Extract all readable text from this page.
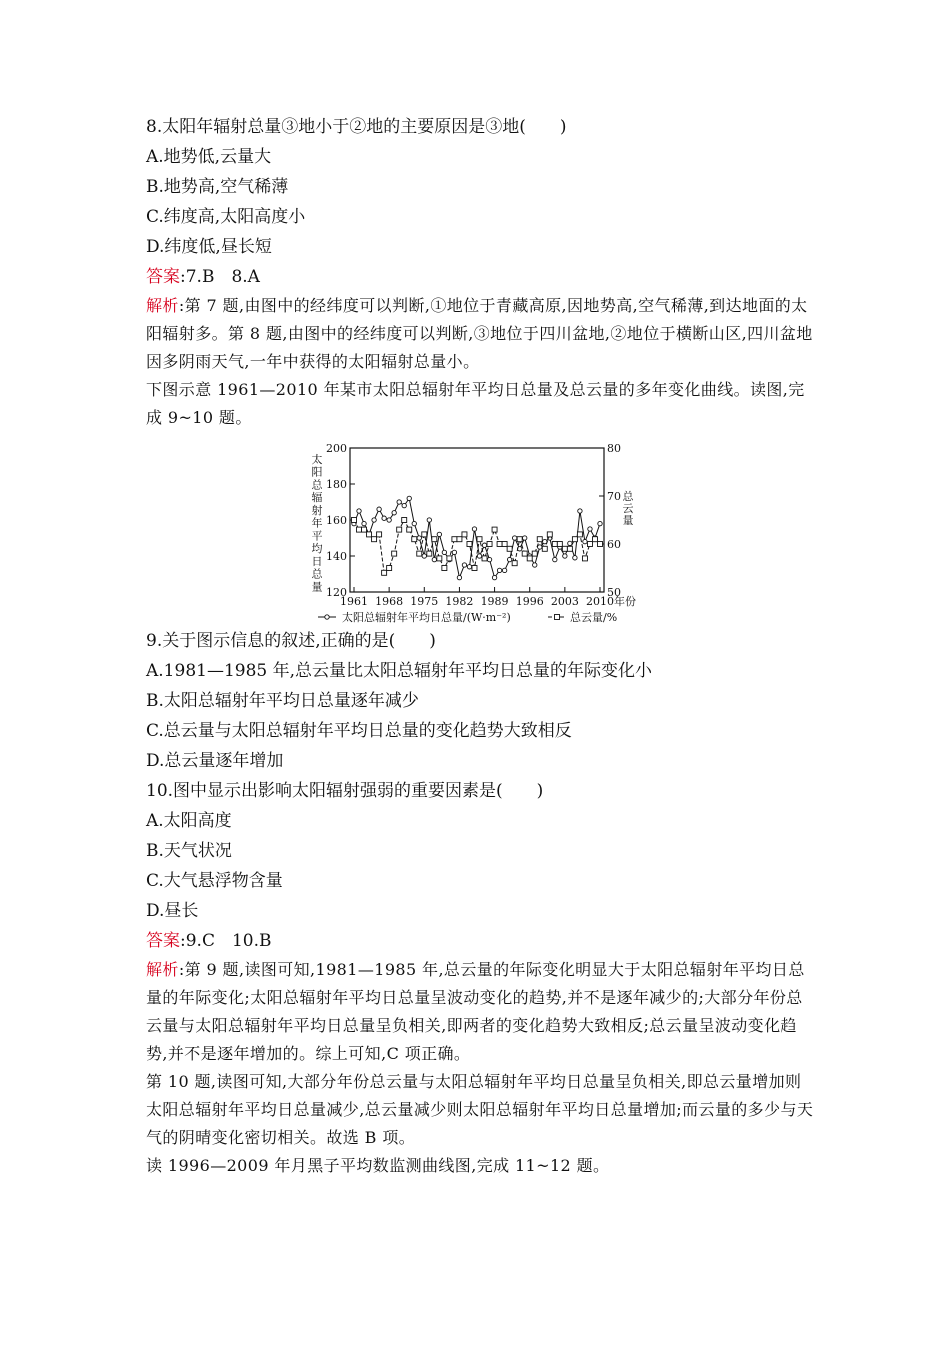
8.太阳年辐射总量③地小于②地的主要原因是③地(　　)
A.地势低,云量大
B.地势高,空气稀薄
C.纬度高,太阳高度小
D.纬度低,昼长短
答案:7.B　8.A
解析:第 7 题,由图中的经纬度可以判断,①地位于青藏高原,因地势高,空气稀薄,到达地面的太阳辐射多。第 8 题,由图中的经纬度可以判断,③地位于四川盆地,②地位于横断山区,四川盆地因多阴雨天气,一年中获得的太阳辐射总量小。
下图示意 1961—2010 年某市太阳总辐射年平均日总量及总云量的多年变化曲线。读图,完成 9~10 题。
120
140
160
180
200
50
60
70
80
1961 1968 1975 1982 1989 1996 2003 2010 年份
太阳总辐射年平均日总量
总云量
太阳总辐射年平均日总量/(W·m⁻²)	总云量/%
9.关于图示信息的叙述,正确的是(　　)
A.1981—1985 年,总云量比太阳总辐射年平均日总量的年际变化小
B.太阳总辐射年平均日总量逐年减少
C.总云量与太阳总辐射年平均日总量的变化趋势大致相反
D.总云量逐年增加
10.图中显示出影响太阳辐射强弱的重要因素是(　　)
A.太阳高度
B.天气状况
C.大气悬浮物含量
D.昼长
答案:9.C　10.B
解析:第 9 题,读图可知,1981—1985 年,总云量的年际变化明显大于太阳总辐射年平均日总量的年际变化;太阳总辐射年平均日总量呈波动变化的趋势,并不是逐年减少的;大部分年份总云量与太阳总辐射年平均日总量呈负相关,即两者的变化趋势大致相反;总云量呈波动变化趋势,并不是逐年增加的。综上可知,C 项正确。
第 10 题,读图可知,大部分年份总云量与太阳总辐射年平均日总量呈负相关,即总云量增加则太阳总辐射年平均日总量减少,总云量减少则太阳总辐射年平均日总量增加;而云量的多少与天气的阴晴变化密切相关。故选 B 项。
读 1996—2009 年月黑子平均数监测曲线图,完成 11~12 题。
